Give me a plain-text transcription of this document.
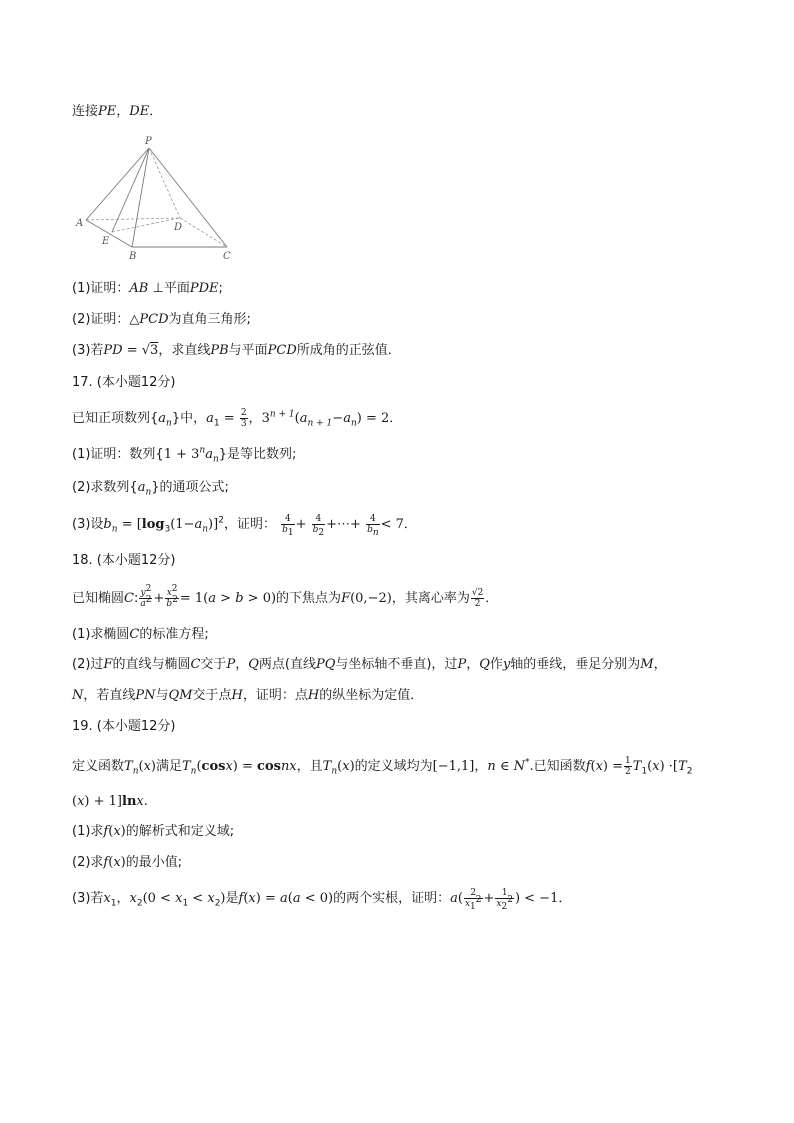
连接PE，DE．
P
A
E
B
D
C
(1)证明：AB ⊥平面PDE;
(2)证明：△PCD为直角三角形;
(3)若PD = √3，求直线PB与平面PCD所成角的正弦值．
17. (本小题12分)
已知正项数列$\{a_n\}$中，$a_1 = \frac{2}{3}$ ，$3^{n + 1}(a_{n + 1}-a_n) = 2$．
(1)证明：数列$\{1 + 3^na_n\}$是等比数列;
(2)求数列$\{a_n\}$的通项公式;
(3)设$b_n = [\log_3(1-a_n)]^2$，证明： $\frac{4}{b_1} + \frac{4}{b_2}$ +⋯+ $\frac{4}{b_n} < 7$．
18. (本小题12分)
已知椭圆C: $\frac{y^2}{a^2} + \frac{x^2}{b^2} = 1(a > b > 0)$的下焦点为F(0,−2)，其离心率为 $\frac{√2}{2}$ ．
(1)求椭圆C的标准方程;
(2)过F的直线与椭圆C交于P，Q两点(直线PQ与坐标轴不垂直)，过P，Q作y轴的垂线，垂足分别为M，
N，若直线PN与QM交于点H，证明：点H的纵坐标为定值．
19. (本小题12分)
定义函数$T_n(x)$满足$T_n(\cos x)$ = cosnx，且$T_n(x)$的定义域均为[−1,1]，n ∈ N*.已知函数$f(x) = \frac{1}{2} T_1(x) \cdot[T_2$
(x) + 1]lnx.
(1)求f(x)的解析式和定义域;
(2)求f(x)的最小值;
(3)若$x_1$，$x_2(0 < x_1 < x_2)$是f(x) = a(a < 0)的两个实根，证明：$a( \frac{2}{x_1^2} + \frac{1}{x_2^2}$ ) < −1．
